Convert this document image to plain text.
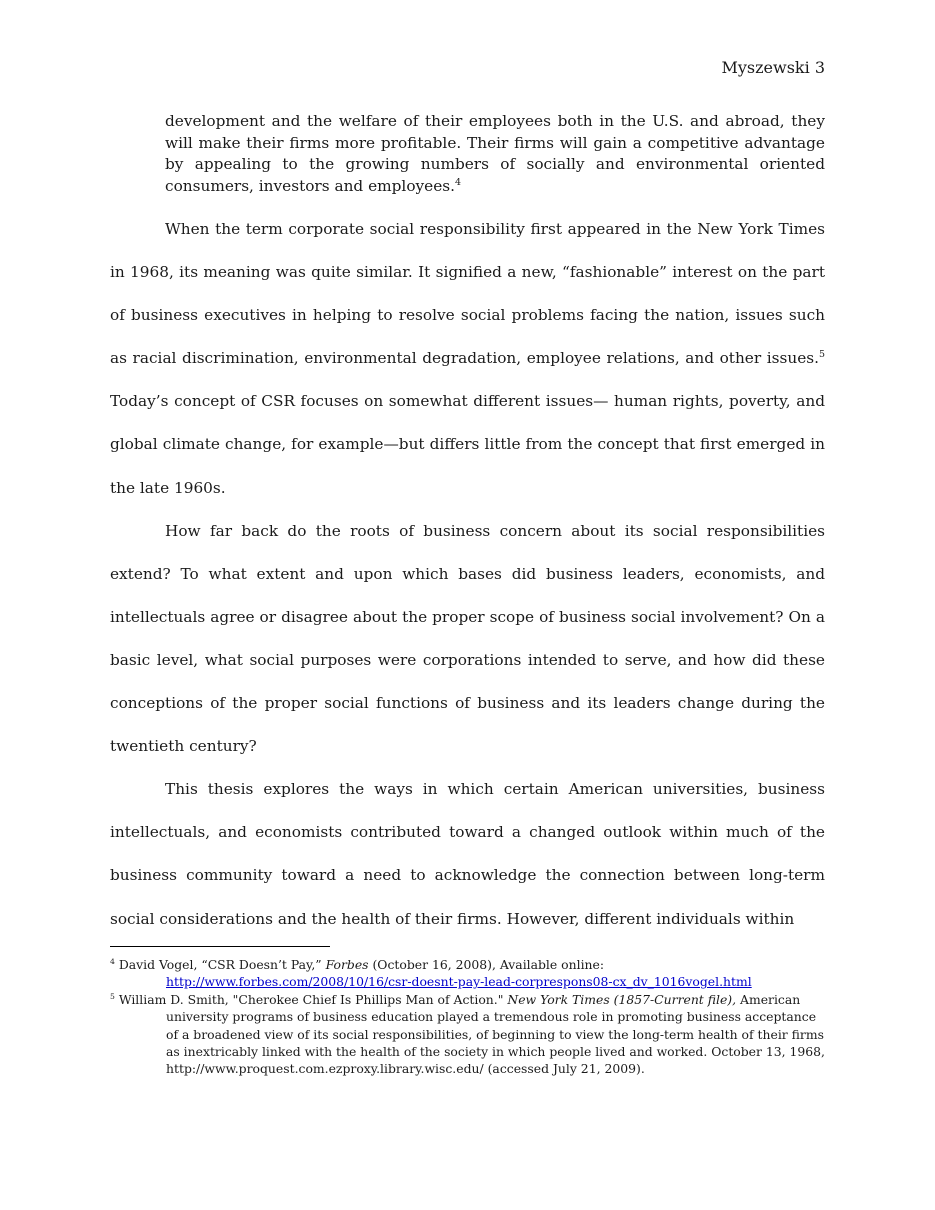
Myszewski 3
development and the welfare of their employees both in the U.S. and abroad, they will make their firms more profitable. Their firms will gain a competitive advantage by appealing to the growing numbers of socially and environmental oriented consumers, investors and employees.$^4$

When the term corporate social responsibility first appeared in the New York Times in 1968, its meaning was quite similar. It signified a new, “fashionable” interest on the part of business executives in helping to resolve social problems facing the nation, issues such as racial discrimination, environmental degradation, employee relations, and other issues.$^5$ Today’s concept of CSR focuses on somewhat different issues— human rights, poverty, and global climate change, for example—but differs little from the concept that first emerged in the late 1960s.

How far back do the roots of business concern about its social responsibilities extend? To what extent and upon which bases did business leaders, economists, and intellectuals agree or disagree about the proper scope of business social involvement? On a basic level, what social purposes were corporations intended to serve, and how did these conceptions of the proper social functions of business and its leaders change during the twentieth century?

This thesis explores the ways in which certain American universities, business intellectuals, and economists contributed toward a changed outlook within much of the business community toward a need to acknowledge the connection between long-term social considerations and the health of their firms. However, different individuals within

$^4$ David Vogel, “CSR Doesn’t Pay,” Forbes (October 16, 2008), Available online: http://www.forbes.com/2008/10/16/csr-doesnt-pay-lead-corprespons08-cx_dv_1016vogel.html

$^5$ William D. Smith, "Cherokee Chief Is Phillips Man of Action." New York Times (1857-Current file), American university programs of business education played a tremendous role in promoting business acceptance of a broadened view of its social responsibilities, of beginning to view the long-term health of their firms as inextricably linked with the health of the society in which people lived and worked. October 13, 1968, http://www.proquest.com.ezproxy.library.wisc.edu/ (accessed July 21, 2009).
